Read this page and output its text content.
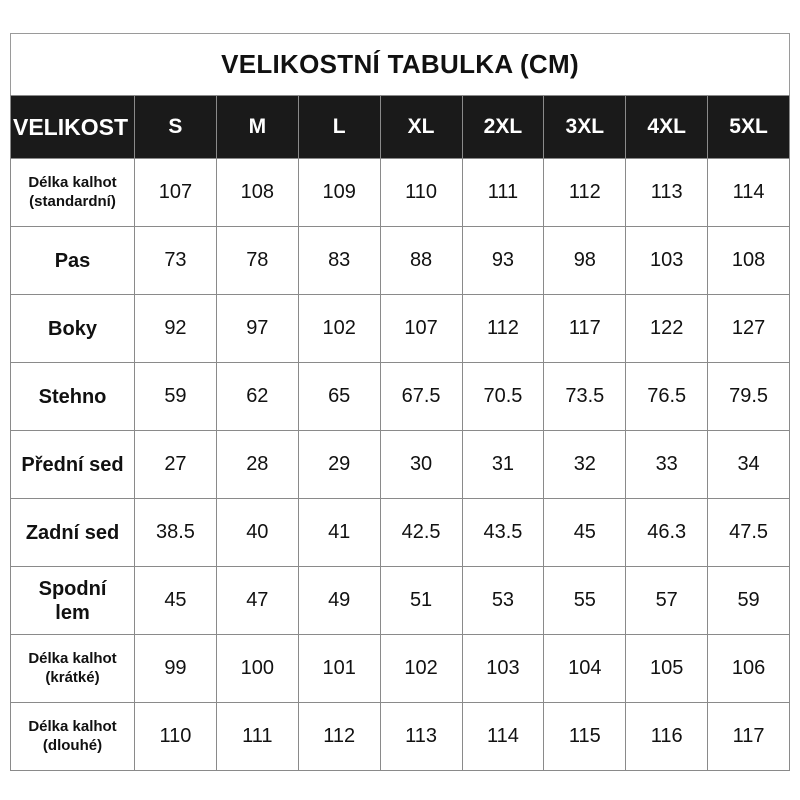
VELIKOSTNÍ TABULKA (CM)
VELIKOST	S	M	L	XL	2XL	3XL	4XL	5XL
Délka kalhot
(standardní)	107	108	109	110	111	112	113	114
Pas	73	78	83	88	93	98	103	108
Boky	92	97	102	107	112	117	122	127
Stehno	59	62	65	67.5	70.5	73.5	76.5	79.5
Přední sed	27	28	29	30	31	32	33	34
Zadní sed	38.5	40	41	42.5	43.5	45	46.3	47.5
Spodní
lem	45	47	49	51	53	55	57	59
Délka kalhot
(krátké)	99	100	101	102	103	104	105	106
Délka kalhot
(dlouhé)	110	111	112	113	114	115	116	117
